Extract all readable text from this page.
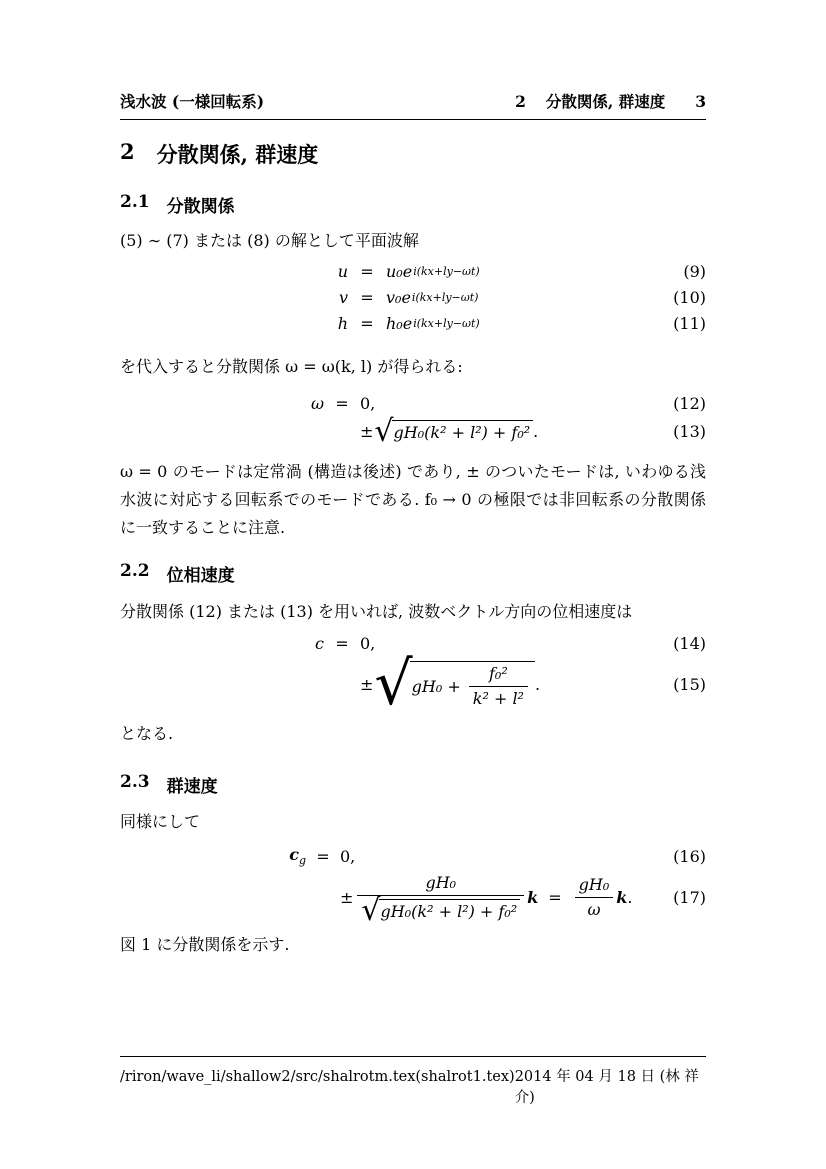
浅水波 (一様回転系)	2 分散関係, 群速度 3
2 分散関係, 群速度
2.1 分散関係
(5) ∼ (7) または (8) の解として平面波解
u = u₀e i(kx+ly−ωt)	(9)
v = v₀e i(kx+ly−ωt)	(10)
h = h₀e i(kx+ly−ωt)	(11)
を代入すると分散関係 ω = ω(k, l) が得られる:
ω = 0,	(12)
± √ gH₀(k² + l²) + f₀² .	(13)
ω = 0 のモードは定常渦 (構造は後述) であり, ± のついたモードは, いわゆる浅水波に対応する回転系でのモードである. f₀ → 0 の極限では非回転系の分散関係に一致することに注意.
2.2 位相速度
分散関係 (12) または (13) を用いれば, 波数ベクトル方向の位相速度は
c = 0,	(14)
± √ $gH_0 + \frac{\text{f₀²}}{\text{k² + l²}}$ .	(15)
となる.
2.3 群速度
同様にして
$c_g = 0$,	(16)
± $\frac{\text{gH₀}}{\text{√ gH₀(k² + l²) + f₀²}}$ $k = \frac{\text{gH₀}}{\omega}$ k .	(17)
図 1 に分散関係を示す.
/riron/wave_li/shallow2/src/shalrotm.tex(shalrot1.tex) 2014 年 04 月 18 日 (林 祥介)
